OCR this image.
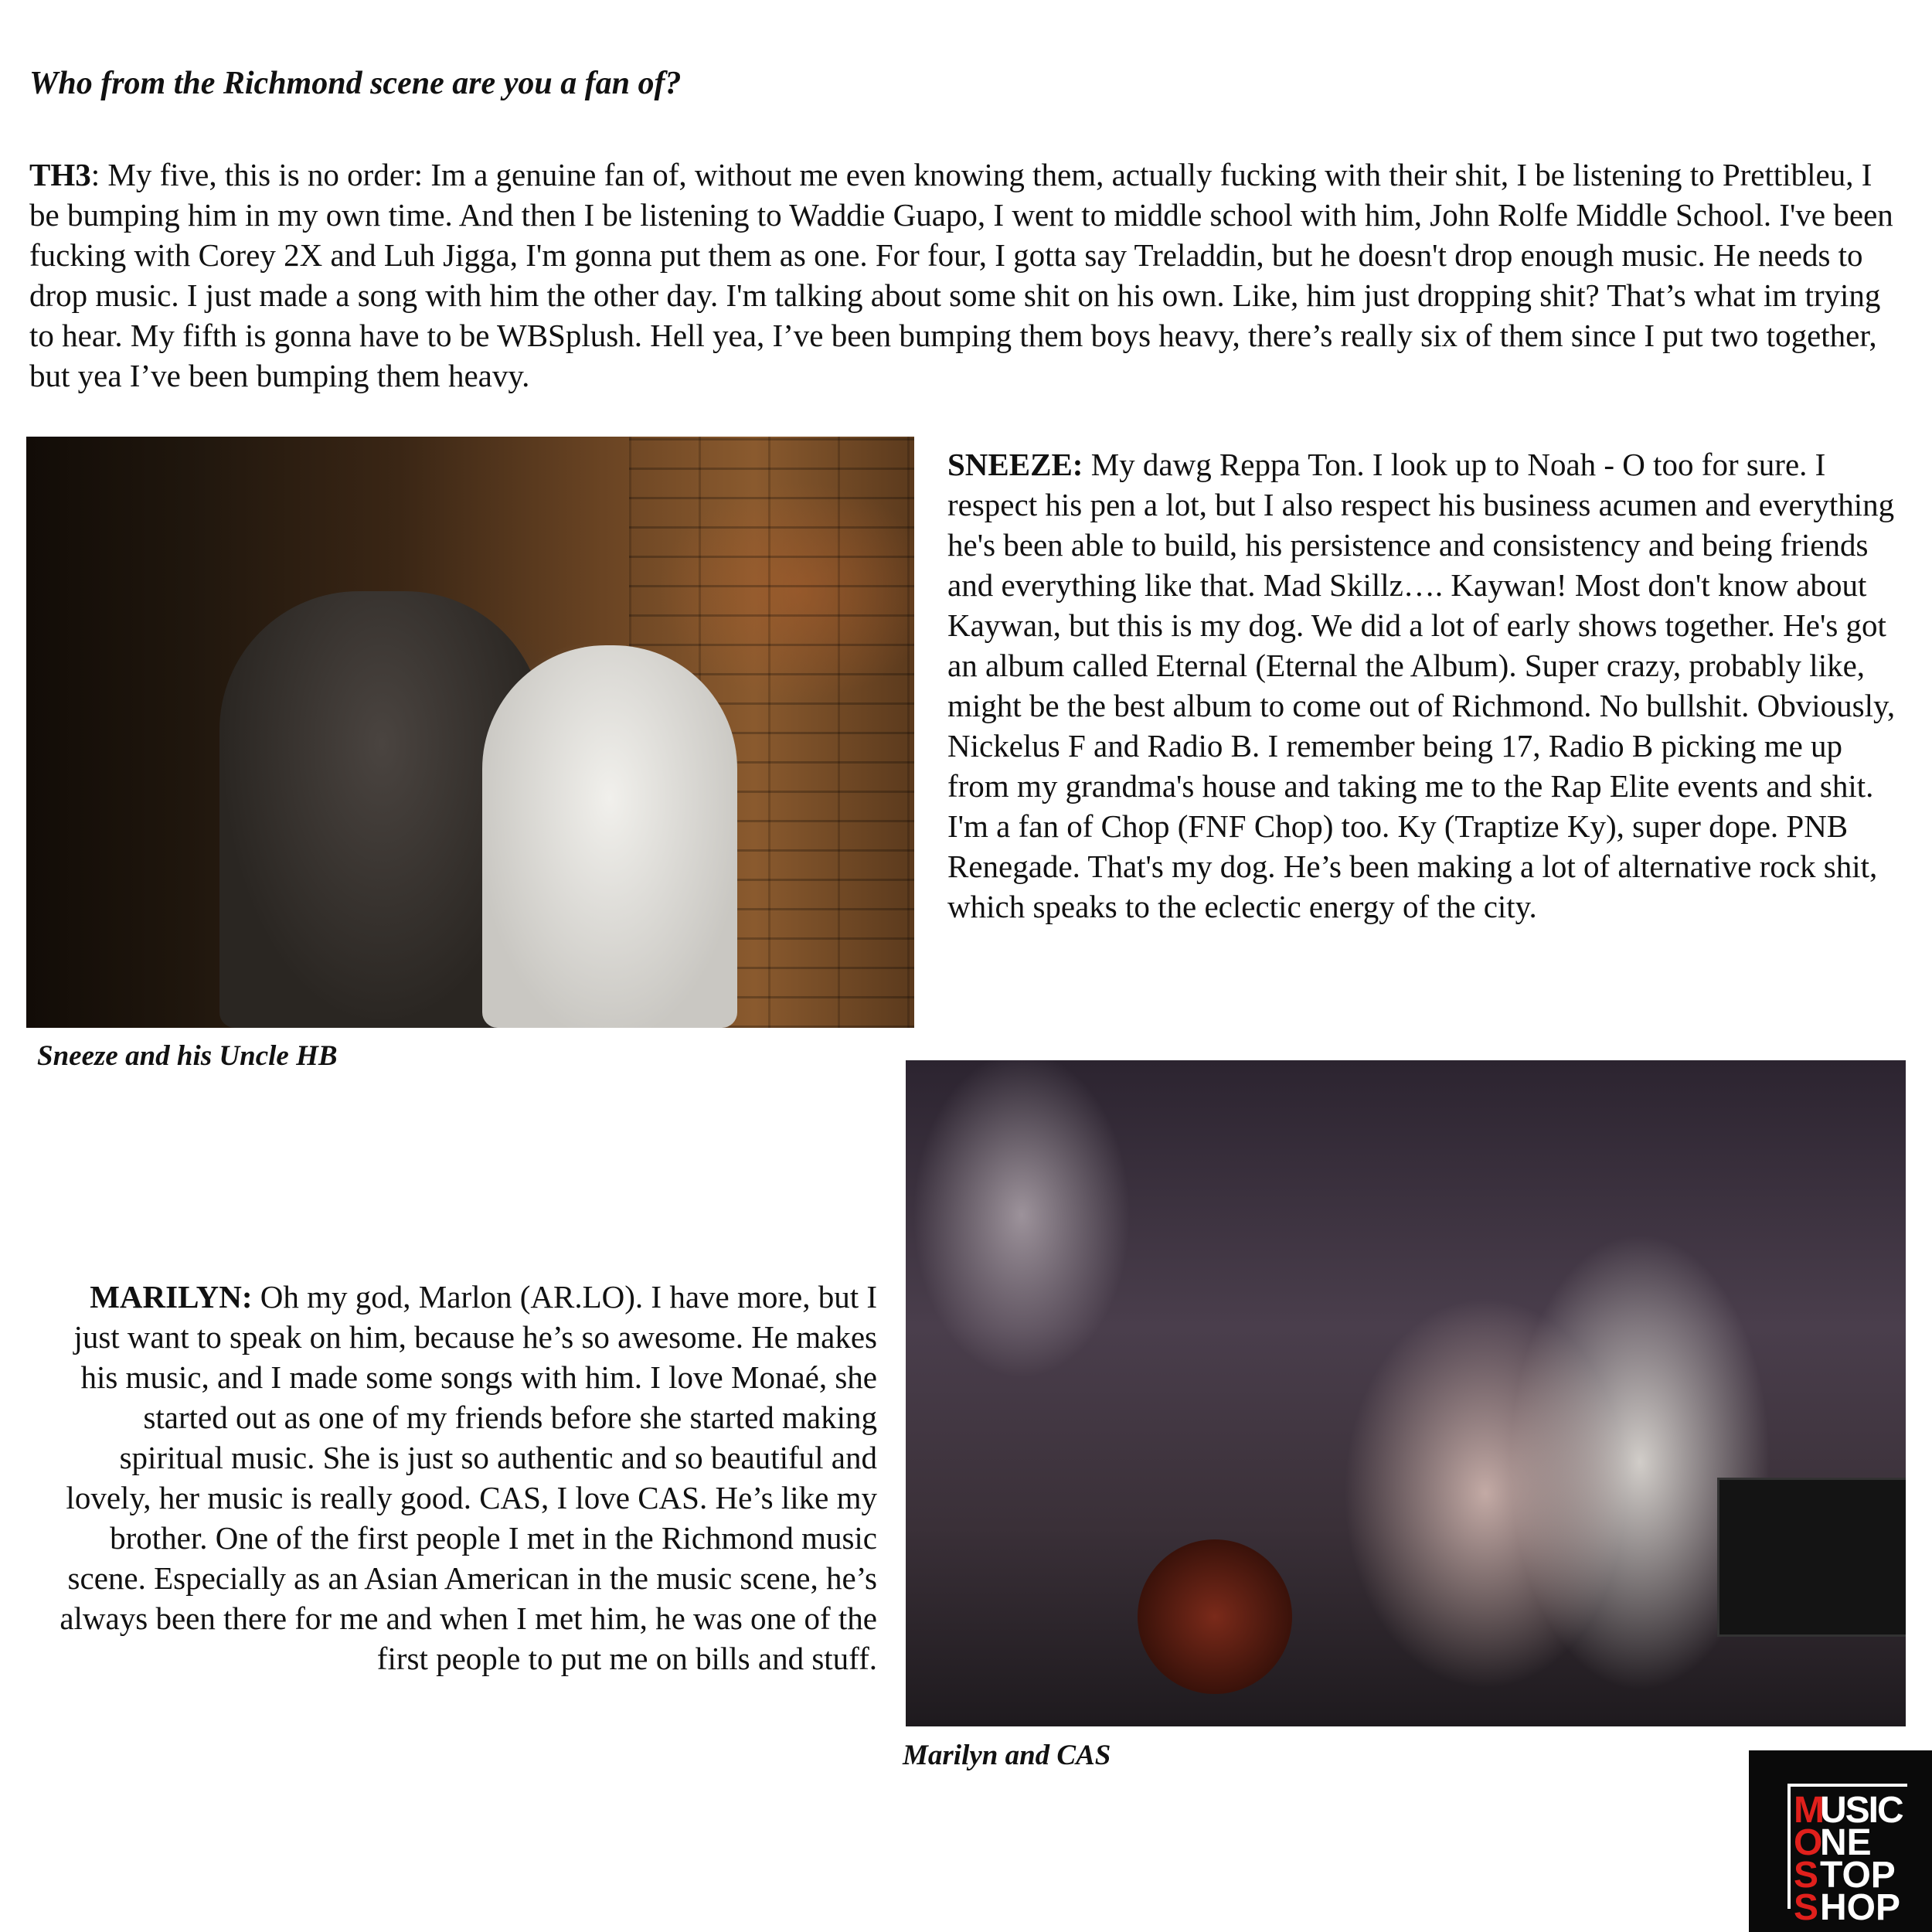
Who from the Richmond scene are you a fan of?

TH3: My five, this is no order: Im a genuine fan of, without me even knowing them, actually fucking with their shit, I be listening to Prettibleu, I be bumping him in my own time. And then I be listening to Waddie Guapo, I went to middle school with him, John Rolfe Middle School. I've been fucking with Corey 2X and Luh Jigga, I'm gonna put them as one. For four, I gotta say Treladdin, but he doesn't drop enough music. He needs to drop music. I just made a song with him the other day. I'm talking about some shit on his own. Like, him just dropping shit? That’s what im trying to hear. My fifth is gonna have to be WBSplush. Hell yea, I’ve been bumping them boys heavy, there’s really six of them since I put two together, but yea I’ve been bumping them heavy.

Sneeze and his Uncle HB

SNEEZE: My dawg Reppa Ton. I look up to Noah - O too for sure. I respect his pen a lot, but I also respect his business acumen and everything he's been able to build, his persistence and consistency and being friends and everything like that. Mad Skillz…. Kaywan! Most don't know about Kaywan, but this is my dog. We did a lot of early shows together. He's got an album called Eternal (Eternal the Album). Super crazy, probably like, might be the best album to come out of Richmond. No bullshit. Obviously, Nickelus F and Radio B. I remember being 17, Radio B picking me up from my grandma's house and taking me to the Rap Elite events and shit. I'm a fan of Chop (FNF Chop) too. Ky (Traptize Ky), super dope. PNB Renegade. That's my dog. He’s been making a lot of alternative rock shit, which speaks to the eclectic energy of the city.

MARILYN: Oh my god, Marlon (AR.LO). I have more, but I just want to speak on him, because he’s so awesome. He makes his music, and I made some songs with him. I love Monaé, she started out as one of my friends before she started making spiritual music. She is just so authentic and so beautiful and lovely, her music is really good. CAS, I love CAS. He’s like my brother. One of the first people I met in the Richmond music scene. Especially as an Asian American in the music scene, he’s always been there for me and when I met him, he was one of the first people to put me on bills and stuff.

Marilyn and CAS

M
O
S
S
USIC
NE
TOP
HOP
